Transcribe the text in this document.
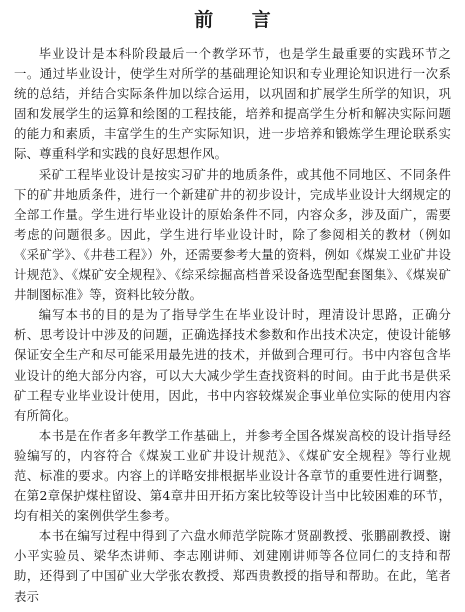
前 言

毕业设计是本科阶段最后一个教学环节，也是学生最重要的实践环节之一。通过毕业设计，使学生对所学的基础理论知识和专业理论知识进行一次系统的总结，并结合实际条件加以综合运用，以巩固和扩展学生所学的知识，巩固和发展学生的运算和绘图的工程技能，培养和提高学生分析和解决实际问题的能力和素质，丰富学生的生产实际知识，进一步培养和锻炼学生理论联系实际、尊重科学和实践的良好思想作风。

采矿工程毕业设计是按实习矿井的地质条件，或其他不同地区、不同条件下的矿井地质条件，进行一个新建矿井的初步设计，完成毕业设计大纲规定的全部工作量。学生进行毕业设计的原始条件不同，内容众多，涉及面广，需要考虑的问题很多。因此，学生进行毕业设计时，除了参阅相关的教材（例如《采矿学》、《井巷工程》）外，还需要参考大量的资料，例如《煤炭工业矿井设计规范》、《煤矿安全规程》、《综采综掘高档普采设备选型配套图集》、《煤炭矿井制图标准》等，资料比较分散。

编写本书的目的是为了指导学生在毕业设计时，理清设计思路，正确分析、思考设计中涉及的问题，正确选择技术参数和作出技术决定，使设计能够保证安全生产和尽可能采用最先进的技术，并做到合理可行。书中内容包含毕业设计的绝大部分内容，可以大大减少学生查找资料的时间。由于此书是供采矿工程专业毕业设计使用，因此，书中内容较煤炭企事业单位实际的使用内容有所简化。

本书是在作者多年教学工作基础上，并参考全国各煤炭高校的设计指导经验编写的，内容符合《煤炭工业矿井设计规范》、《煤矿安全规程》等行业规范、标准的要求。内容上的详略安排根据毕业设计各章节的重要性进行调整，在第2章保护煤柱留设、第4章井田开拓方案比较等设计当中比较困难的环节，均有相关的案例供学生参考。

本书在编写过程中得到了六盘水师范学院陈才贤副教授、张鹏副教授、谢小平实验员、梁华杰讲师、李志刚讲师、刘建刚讲师等各位同仁的支持和帮助，还得到了中国矿业大学张农教授、郑西贵教授的指导和帮助。在此，笔者表示
